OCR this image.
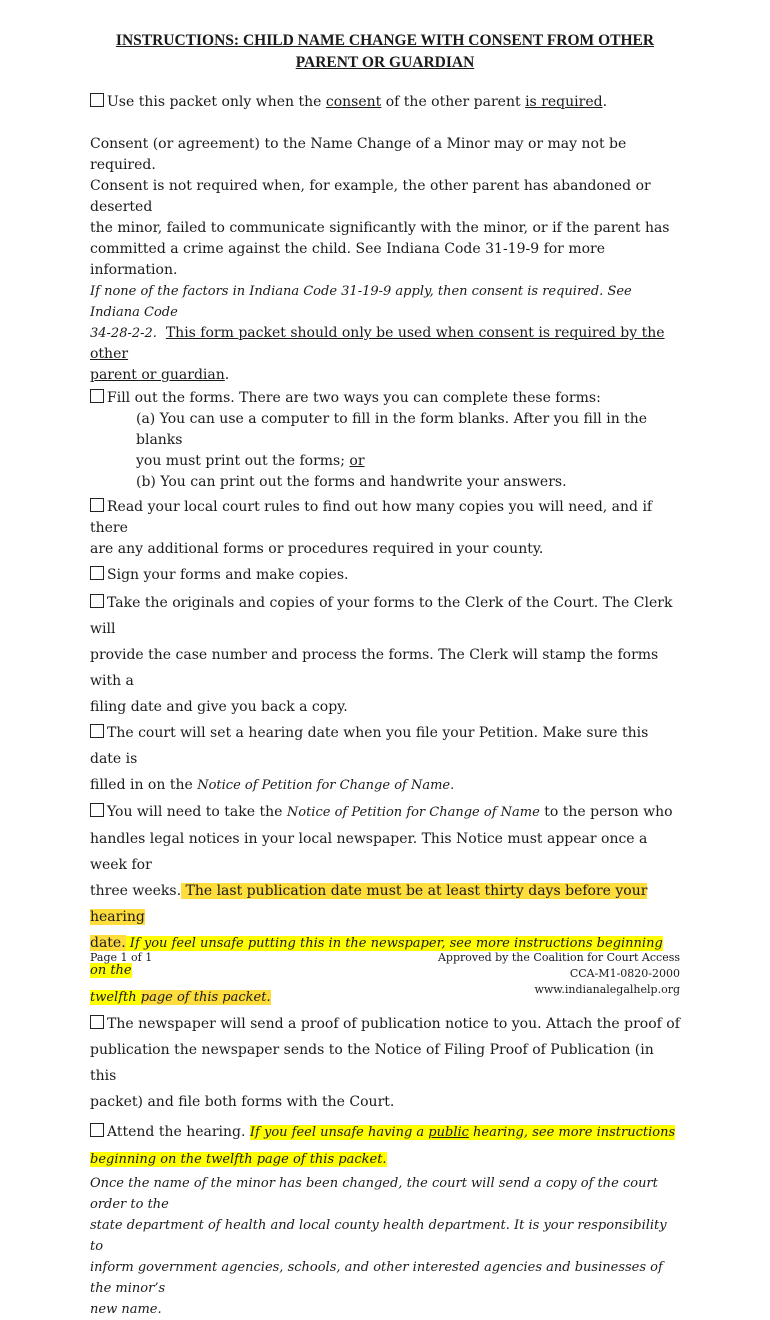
INSTRUCTIONS: CHILD NAME CHANGE WITH CONSENT FROM OTHER

PARENT OR GUARDIAN

Use this packet only when the consent of the other parent is required.

Consent (or agreement) to the Name Change of a Minor may or may not be required.

Consent is not required when, for example, the other parent has abandoned or deserted

the minor, failed to communicate significantly with the minor, or if the parent has

committed a crime against the child. See Indiana Code 31-19-9 for more information.

If none of the factors in Indiana Code 31-19-9 apply, then consent is required. See Indiana Code

34-28-2-2. This form packet should only be used when consent is required by the other

parent or guardian.

Fill out the forms. There are two ways you can complete these forms:

(a) You can use a computer to fill in the form blanks. After you fill in the blanks

you must print out the forms; or

(b) You can print out the forms and handwrite your answers.

Read your local court rules to find out how many copies you will need, and if there

are any additional forms or procedures required in your county.

Sign your forms and make copies.

Take the originals and copies of your forms to the Clerk of the Court. The Clerk will

provide the case number and process the forms. The Clerk will stamp the forms with a

filing date and give you back a copy.

The court will set a hearing date when you file your Petition. Make sure this date is

filled in on the Notice of Petition for Change of Name.

You will need to take the Notice of Petition for Change of Name to the person who

handles legal notices in your local newspaper. This Notice must appear once a week for

three weeks. The last publication date must be at least thirty days before your hearing

date. If you feel unsafe putting this in the newspaper, see more instructions beginning on the

twelfth page of this packet.

The newspaper will send a proof of publication notice to you. Attach the proof of

publication the newspaper sends to the Notice of Filing Proof of Publication (in this

packet) and file both forms with the Court.

Attend the hearing. If you feel unsafe having a public hearing, see more instructions

beginning on the twelfth page of this packet.

Once the name of the minor has been changed, the court will send a copy of the court order to the

state department of health and local county health department. It is your responsibility to

inform government agencies, schools, and other interested agencies and businesses of the minor’s

new name.

Page 1 of 1	Approved by the Coalition for Court Access
CCA-M1-0820-2000
www.indianalegalhelp.org
